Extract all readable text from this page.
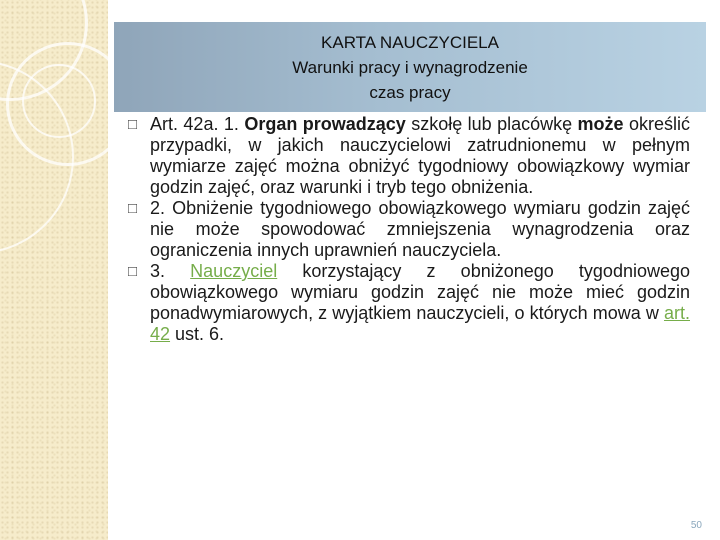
KARTA NAUCZYCIELA
Warunki pracy i wynagrodzenie
czas pracy

□ Art. 42a. 1. Organ prowadzący szkołę lub placówkę może określić przypadki, w jakich nauczycielowi zatrudnionemu w pełnym wymiarze zajęć można obniżyć tygodniowy obowiązkowy wymiar godzin zajęć, oraz warunki i tryb tego obniżenia.

□ 2. Obniżenie tygodniowego obowiązkowego wymiaru godzin zajęć nie może spowodować zmniejszenia wynagrodzenia oraz ograniczenia innych uprawnień nauczyciela.

□ 3. Nauczyciel korzystający z obniżonego tygodniowego obowiązkowego wymiaru godzin zajęć nie może mieć godzin ponadwymiarowych, z wyjątkiem nauczycieli, o których mowa w art. 42 ust. 6.

50
